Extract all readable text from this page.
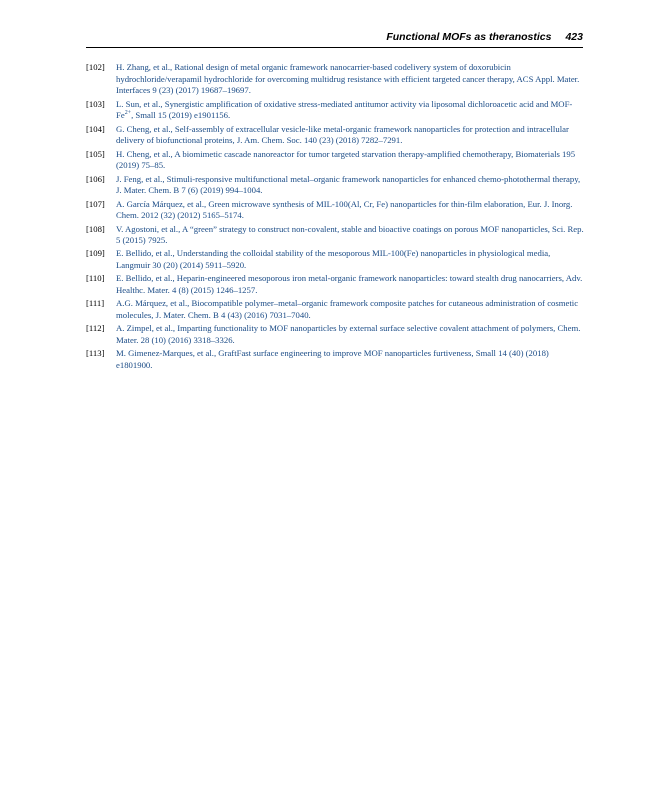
Functional MOFs as theranostics 423
[102]	H. Zhang, et al., Rational design of metal organic framework nanocarrier-based codelivery system of doxorubicin hydrochloride/verapamil hydrochloride for overcoming multidrug resistance with efficient targeted cancer therapy, ACS Appl. Mater. Interfaces 9 (23) (2017) 19687–19697.
[103]	L. Sun, et al., Synergistic amplification of oxidative stress-mediated antitumor activity via liposomal dichloroacetic acid and MOF-$Fe^{2+}$, Small 15 (2019) e1901156.
[104]	G. Cheng, et al., Self-assembly of extracellular vesicle-like metal-organic framework nanoparticles for protection and intracellular delivery of biofunctional proteins, J. Am. Chem. Soc. 140 (23) (2018) 7282–7291.
[105]	H. Cheng, et al., A biomimetic cascade nanoreactor for tumor targeted starvation therapy-amplified chemotherapy, Biomaterials 195 (2019) 75–85.
[106]	J. Feng, et al., Stimuli-responsive multifunctional metal–organic framework nanoparticles for enhanced chemo-photothermal therapy, J. Mater. Chem. B 7 (6) (2019) 994–1004.
[107]	A. García Márquez, et al., Green microwave synthesis of MIL-100(Al, Cr, Fe) nanoparticles for thin-film elaboration, Eur. J. Inorg. Chem. 2012 (32) (2012) 5165–5174.
[108]	V. Agostoni, et al., A “green” strategy to construct non-covalent, stable and bioactive coatings on porous MOF nanoparticles, Sci. Rep. 5 (2015) 7925.
[109]	E. Bellido, et al., Understanding the colloidal stability of the mesoporous MIL-100(Fe) nanoparticles in physiological media, Langmuir 30 (20) (2014) 5911–5920.
[110]	E. Bellido, et al., Heparin-engineered mesoporous iron metal-organic framework nanoparticles: toward stealth drug nanocarriers, Adv. Healthc. Mater. 4 (8) (2015) 1246–1257.
[111]	A.G. Márquez, et al., Biocompatible polymer–metal–organic framework composite patches for cutaneous administration of cosmetic molecules, J. Mater. Chem. B 4 (43) (2016) 7031–7040.
[112]	A. Zimpel, et al., Imparting functionality to MOF nanoparticles by external surface selective covalent attachment of polymers, Chem. Mater. 28 (10) (2016) 3318–3326.
[113]	M. Gimenez-Marques, et al., GraftFast surface engineering to improve MOF nanoparticles furtiveness, Small 14 (40) (2018) e1801900.
